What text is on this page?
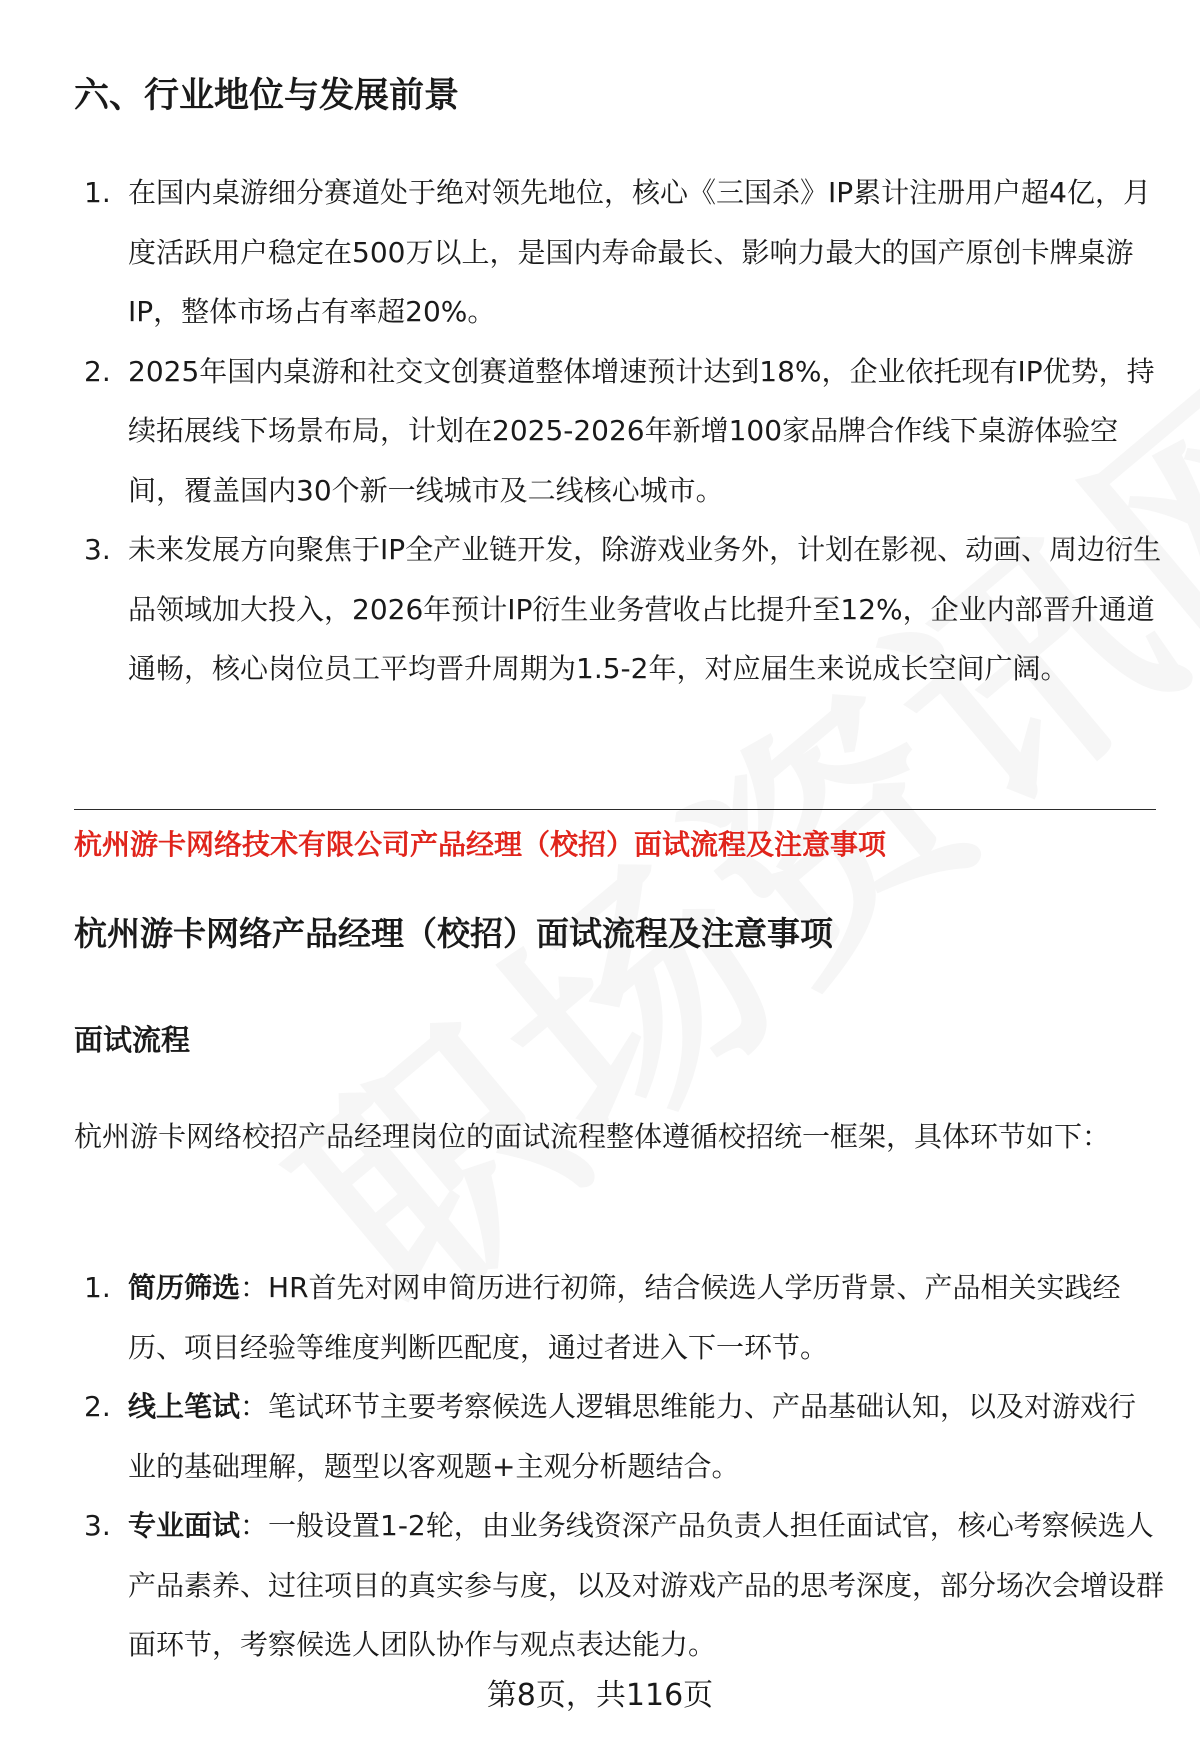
六、行业地位与发展前景
1. 在国内桌游细分赛道处于绝对领先地位，核心《三国杀》IP累计注册用户超4亿，月度活跃用户稳定在500万以上，是国内寿命最长、影响力最大的国产原创卡牌桌游IP，整体市场占有率超20%。
2. 2025年国内桌游和社交文创赛道整体增速预计达到18%，企业依托现有IP优势，持续拓展线下场景布局，计划在2025-2026年新增100家品牌合作线下桌游体验空间，覆盖国内30个新一线城市及二线核心城市。
3. 未来发展方向聚焦于IP全产业链开发，除游戏业务外，计划在影视、动画、周边衍生品领域加大投入，2026年预计IP衍生业务营收占比提升至12%，企业内部晋升通道通畅，核心岗位员工平均晋升周期为1.5-2年，对应届生来说成长空间广阔。
杭州游卡网络技术有限公司产品经理（校招）面试流程及注意事项
杭州游卡网络产品经理（校招）面试流程及注意事项
面试流程

杭州游卡网络校招产品经理岗位的面试流程整体遵循校招统一框架，具体环节如下：

1. 简历筛选：HR首先对网申简历进行初筛，结合候选人学历背景、产品相关实践经历、项目经验等维度判断匹配度，通过者进入下一环节。
2. 线上笔试：笔试环节主要考察候选人逻辑思维能力、产品基础认知，以及对游戏行业的基础理解，题型以客观题+主观分析题结合。
3. 专业面试：一般设置1-2轮，由业务线资深产品负责人担任面试官，核心考察候选人产品素养、过往项目的真实参与度，以及对游戏产品的思考深度，部分场次会增设群面环节，考察候选人团队协作与观点表达能力。
第8页，共116页
